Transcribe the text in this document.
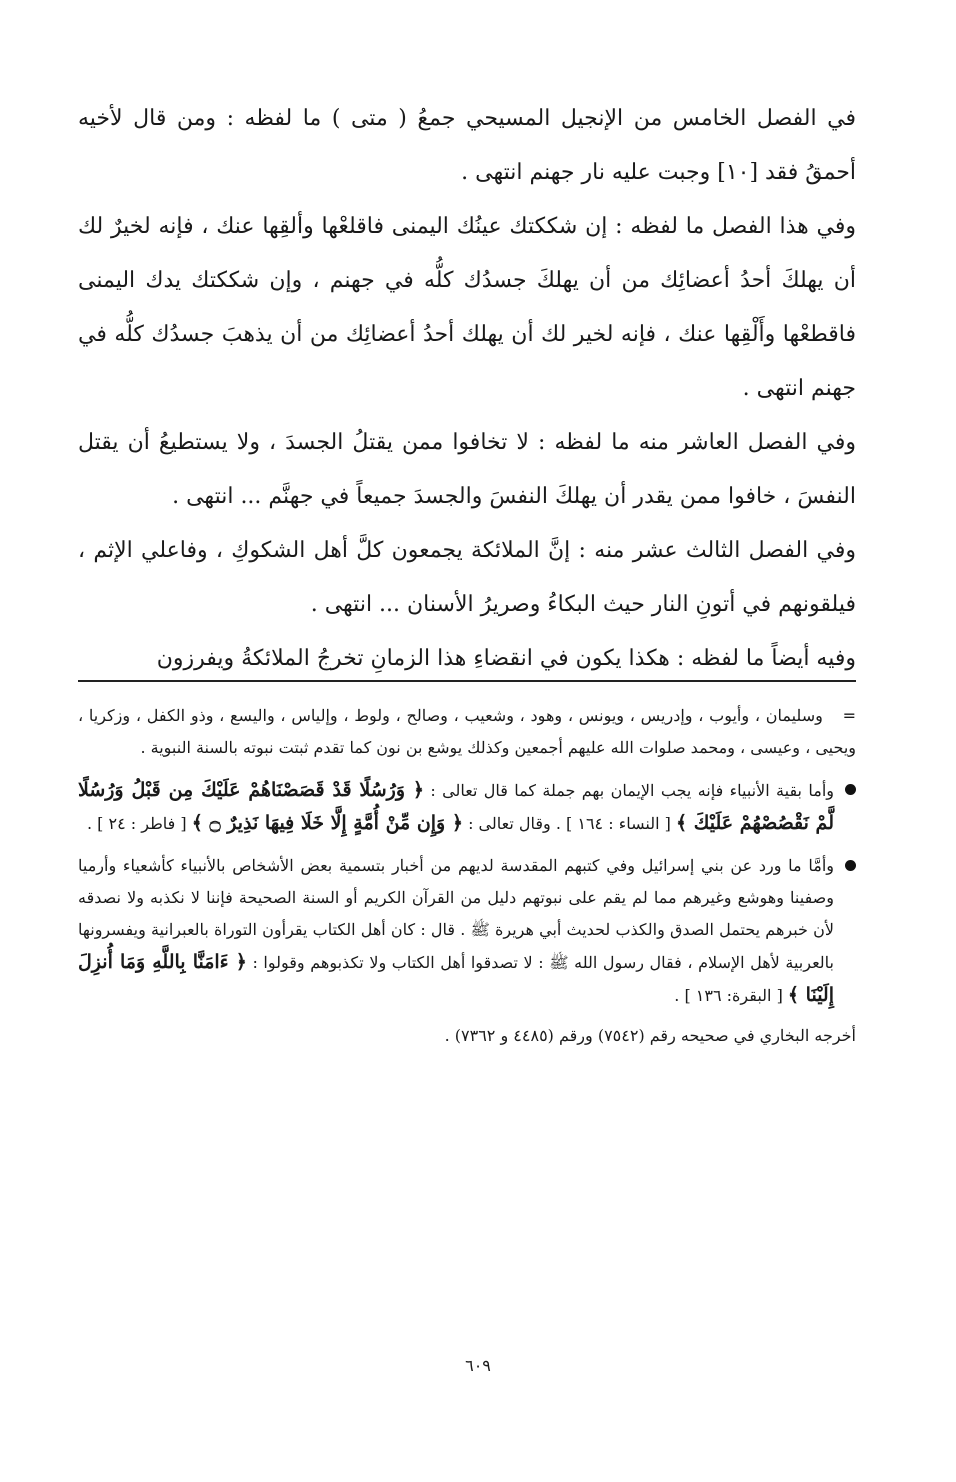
في الفصل الخامس من الإنجيل المسيحي جمعُ ( متى ) ما لفظه : ومن قال لأخيه أحمقُ فقد [١٠] وجبت عليه نار جهنم انتهى .

وفي هذا الفصل ما لفظه : إن شككتك عينُك اليمنى فاقلعْها وألقِها عنك ، فإنه لخيرٌ لك أن يهلكَ أحدُ أعضائِك من أن يهلكَ جسدُك كلُّه في جهنم ، وإن شككتك يدك اليمنى فاقطعْها وأَلْقِها عنك ، فإنه لخير لك أن يهلك أحدُ أعضائِك من أن يذهبَ جسدُك كلُّه في جهنم انتهى .

وفي الفصل العاشر منه ما لفظه : لا تخافوا ممن يقتلُ الجسدَ ، ولا يستطيعُ أن يقتل النفسَ ، خافوا ممن يقدر أن يهلكَ النفسَ والجسدَ جميعاً في جهنَّم ... انتهى .

وفي الفصل الثالث عشر منه : إنَّ الملائكة يجمعون كلَّ أهل الشكوكِ ، وفاعلي الإثم ، فيلقونهم في أتونِ النار حيث البكاءُ وصريرُ الأسنان ... انتهى .

وفيه أيضاً ما لفظه : هكذا يكون في انقضاءِ هذا الزمانِ تخرجُ الملائكةُ ويفرزون

= وسليمان ، وأيوب ، وإدريس ، ويونس ، وهود ، وشعيب ، وصالح ، ولوط ، وإلياس ، واليسع ، وذو الكفل ، وزكريا ، ويحيى ، وعيسى ، ومحمد صلوات الله عليهم أجمعين وكذلك يوشع بن نون كما تقدم ثبتت نبوته بالسنة النبوية .

وأما بقية الأنبياء فإنه يجب الإيمان بهم جملة كما قال تعالى : ﴿ وَرُسُلًا قَدْ قَصَصْنَاهُمْ عَلَيْكَ مِن قَبْلُ وَرُسُلًا لَّمْ نَقْصُصْهُمْ عَلَيْكَ ﴾ [ النساء : ١٦٤ ] . وقال تعالى : ﴿ وَإِن مِّنْ أُمَّةٍ إِلَّا خَلَا فِيهَا نَذِيرٌ ۝ ﴾ [ فاطر : ٢٤ ] .

وأمَّا ما ورد عن بني إسرائيل وفي كتبهم المقدسة لديهم من أخبار بتسمية بعض الأشخاص بالأنبياء كأشعياء وأرميا وصفينا وهوشع وغيرهم مما لم يقم على نبوتهم دليل من القرآن الكريم أو السنة الصحيحة فإننا لا نكذبه ولا نصدقه لأن خبرهم يحتمل الصدق والكذب لحديث أبي هريرة ﷺ . قال : كان أهل الكتاب يقرأون التوراة بالعبرانية ويفسرونها بالعربية لأهل الإسلام ، فقال رسول الله ﷺ : لا تصدقوا أهل الكتاب ولا تكذبوهم وقولوا : ﴿ ءَامَنَّا بِاللَّهِ وَمَا أُنزِلَ إِلَيْنَا ﴾ [ البقرة: ١٣٦ ] .

أخرجه البخاري في صحيحه رقم (٧٥٤٢) ورقم (٤٤٨٥ و ٧٣٦٢) .

٦٠٩
